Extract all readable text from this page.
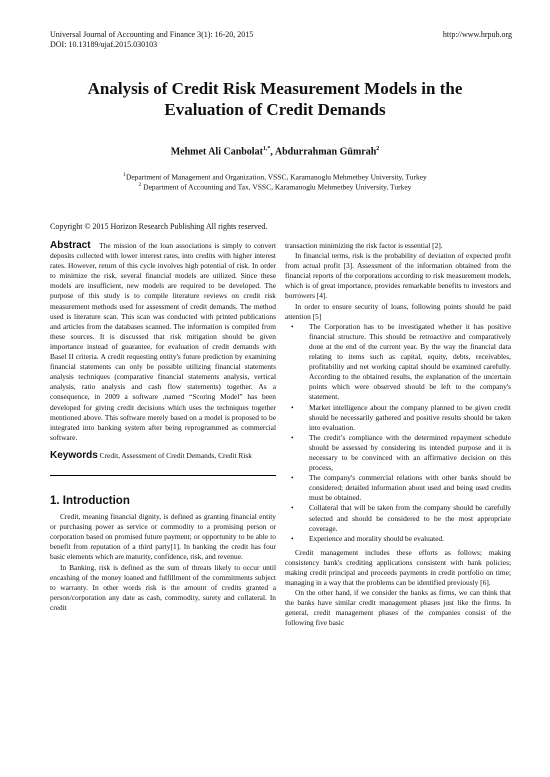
Universal Journal of Accounting and Finance 3(1): 16-20, 2015
DOI: 10.13189/ujaf.2015.030103
http://www.hrpub.org
Analysis of Credit Risk Measurement Models in the
Evaluation of Credit Demands
Mehmet Ali Canbolat$^{1,*}$, Abdurrahman Gümrah$^2$
$^1$Department of Management and Organization, VSSC, Karamanoglu Mehmetbey University, Turkey
$^2$ Department of Accounting and Tax, VSSC, Karamanoglu Mehmetbey University, Turkey
Copyright © 2015 Horizon Research Publishing All rights reserved.

Abstract The mission of the loan associations is simply to convert deposits collected with lower interest rates, into credits with higher interest rates. However, return of this cycle involves high potential of risk. In order to minimize the risk, several financial models are utilized. Since these models are insufficient, new models are required to be developed. The purpose of this study is to compile literature reviews on credit risk measurement methods used for assessment of credit demands. The method used is literature scan. This scan was conducted with printed publications and articles from the databases scanned. The information is compiled from these sources. It is discussed that risk mitigation should be given importance instead of guarantee, for evaluation of credit demands with Basel II criteria. A credit requesting entity's future prediction by examining financial statements can only be possible utilizing financial statements analysis techniques (comparative financial statements analysis, vertical analysis, ratio analysis and cash flow statements) together. As a consequence, in 2009 a software ,named “Scoring Model” has been developed for giving credit decisions which uses the techniques together mentioned above. This software merely based on a model is proposed to be integrated into banking system after being reprogrammed as commercial software.

Keywords Credit, Assessment of Credit Demands, Credit Risk

1. Introduction

Credit, meaning financial dignity, is defined as granting financial entity or purchasing power as service or commodity to a promising person or corporation based on promised future payment; or opportunity to be able to benefit from reputation of a third party[1]. In banking the credit has four basic elements which are maturity, confidence, risk, and revenue.

In Banking, risk is defined as the sum of threats likely to occur until encashing of the money loaned and fulfillment of the commitments subject to warranty. In other words risk is the amount of credits granted a person/corporation any date as cash, commodity, surety and collateral. In credit

transaction minimizing the risk factor is essential [2].

In financial terms, risk is the probability of deviation of expected profit from actual profit [3]. Assessment of the information obtained from the financial reports of the corporations according to risk measurement models, which is of great importance, provides remarkable benefits to investors and borrowers [4].

In order to ensure security of loans, following points should be paid attention [5]

• The Corporation has to be investigated whether it has positive financial structure. This should be retroactive and comparatively done at the end of the current year. By the way the financial data relating to items such as capital, equity, debts, receivables, profitability and net working capital should be examined carefully. According to the obtained results, the explanation of the uncertain points which were observed should be left to the company's statement.
• Market intelligence about the company planned to be given credit should be necessarily gathered and positive results should be taken into evaluation.
• The credit’s compliance with the determined repayment schedule should be assessed by considering its intended purpose and it is necessary to be convinced with an affirmative decision on this process,
• The company's commercial relations with other banks should be considered; detailed information about used and being used credits must be obtained.
• Collateral that will be taken from the company should be carefully selected and should be considered to be the most appropriate coverage.
• Experience and morality should be evaluated.

Credit management includes these efforts as follows; making consistency bank's crediting applications consistent with bank policies; making credit principal and proceeds payments in credit portfolio on time; managing in a way that the problems can be identified previously [6].

On the other hand, if we consider the banks as firms, we can think that the banks have similar credit management phases just like the firms. In general, credit management phases of the companies consist of the following five basic
